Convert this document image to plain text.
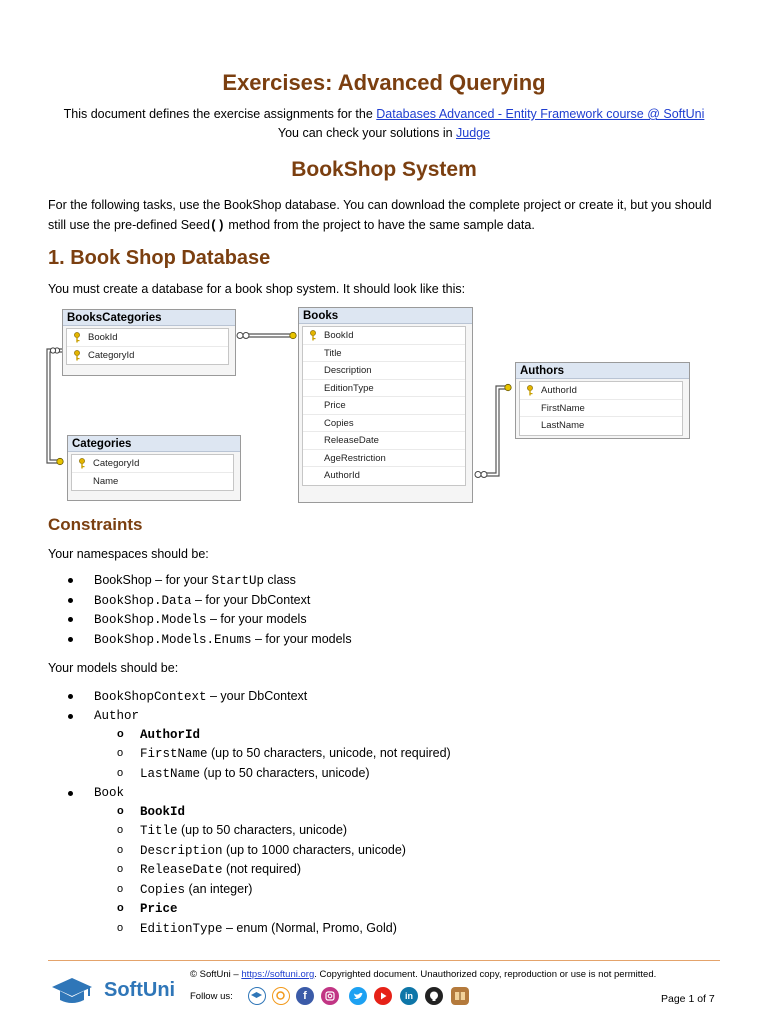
Exercises: Advanced Querying
This document defines the exercise assignments for the Databases Advanced - Entity Framework course @ SoftUni
You can check your solutions in Judge
BookShop System
For the following tasks, use the BookShop database. You can download the complete project or create it, but you should still use the pre-defined Seed() method from the project to have the same sample data.
1. Book Shop Database
You must create a database for a book shop system. It should look like this:
BooksCategories
BookId
CategoryId
Categories
CategoryId
Name
Books
BookId
Title
Description
EditionType
Price
Copies
ReleaseDate
AgeRestriction
AuthorId
Authors
AuthorId
FirstName
LastName
Constraints
Your namespaces should be:
BookShop – for your StartUp class
BookShop.Data – for your DbContext
BookShop.Models – for your models
BookShop.Models.Enums – for your models
Your models should be:
BookShopContext – your DbContext
Author
o AuthorId
o FirstName (up to 50 characters, unicode, not required)
o LastName (up to 50 characters, unicode)
Book
o BookId
o Title (up to 50 characters, unicode)
o Description (up to 1000 characters, unicode)
o ReleaseDate (not required)
o Copies (an integer)
o Price
o EditionType – enum (Normal, Promo, Gold)
SoftUni
© SoftUni – https://softuni.org. Copyrighted document. Unauthorized copy, reproduction or use is not permitted.
Follow us:	f	in	Page 1 of 7
